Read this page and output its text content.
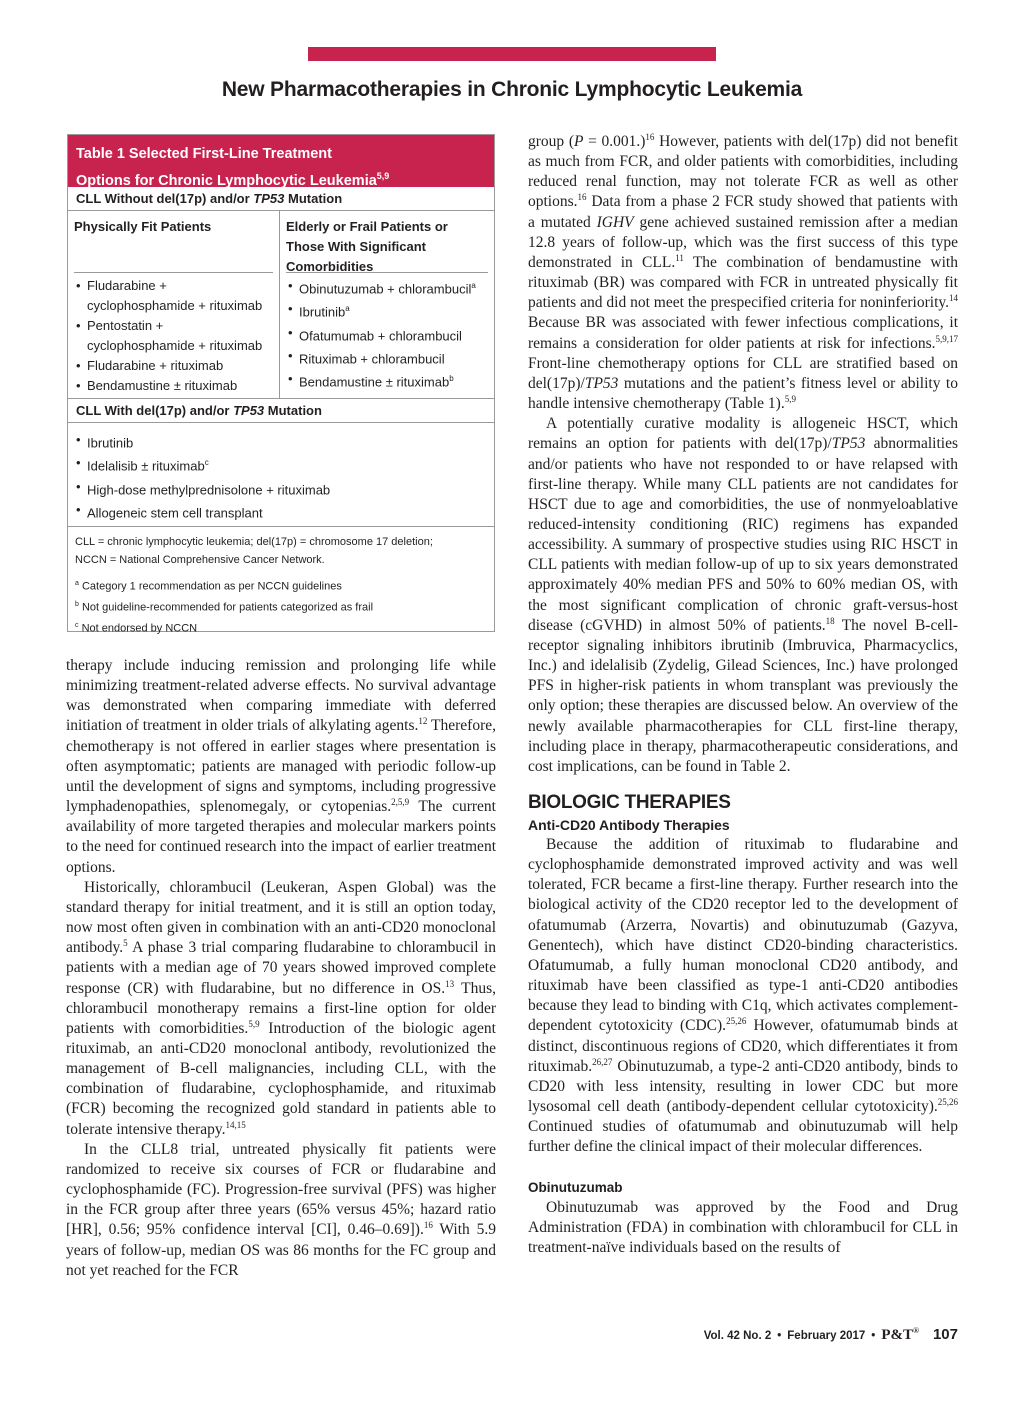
New Pharmacotherapies in Chronic Lymphocytic Leukemia
Table 1 Selected First-Line Treatment
Options for Chronic Lymphocytic Leukemia$^{5,9}$
CLL Without del(17p) and/or TP53 Mutation
Physically Fit Patients
• Fludarabine + cyclophosphamide + rituximab
• Pentostatin + cyclophosphamide + rituximab
• Fludarabine + rituximab
• Bendamustine ± rituximab
Elderly or Frail Patients or Those With Significant Comorbidities
• Obinutuzumab + chlorambucil$^a$
• Ibrutinib$^a$
• Ofatumumab + chlorambucil
• Rituximab + chlorambucil
• Bendamustine ± rituximab$^b$
CLL With del(17p) and/or TP53 Mutation
• Ibrutinib
• Idelalisib ± rituximab$^c$
• High-dose methylprednisolone + rituximab
• Allogeneic stem cell transplant

CLL = chronic lymphocytic leukemia; del(17p) = chromosome 17 deletion;

NCCN = National Comprehensive Cancer Network.

$^a$ Category 1 recommendation as per NCCN guidelines

$^b$ Not guideline-recommended for patients categorized as frail

$^c$ Not endorsed by NCCN

therapy include inducing remission and prolonging life while minimizing treatment-related adverse effects. No survival advantage was demonstrated when comparing immediate with deferred initiation of treatment in older trials of alkylating agents.$^{12}$ Therefore, chemotherapy is not offered in earlier stages where presentation is often asymptomatic; patients are managed with periodic follow-up until the development of signs and symptoms, including progressive lymphadenopathies, splenomegaly, or cytopenias.$^{2,5,9}$ The current availability of more targeted therapies and molecular markers points to the need for continued research into the impact of earlier treatment options.

Historically, chlorambucil (Leukeran, Aspen Global) was the standard therapy for initial treatment, and it is still an option today, now most often given in combination with an anti-CD20 monoclonal antibody.$^5$ A phase 3 trial comparing fludarabine to chlorambucil in patients with a median age of 70 years showed improved complete response (CR) with fludarabine, but no difference in OS.$^{13}$ Thus, chlorambucil monotherapy remains a first-line option for older patients with comorbidities.$^{5,9}$ Introduction of the biologic agent rituximab, an anti-CD20 monoclonal antibody, revolutionized the management of B-cell malignancies, including CLL, with the combination of fludarabine, cyclophosphamide, and rituximab (FCR) becoming the recognized gold standard in patients able to tolerate intensive therapy.$^{14,15}$

In the CLL8 trial, untreated physically fit patients were randomized to receive six courses of FCR or fludarabine and cyclophosphamide (FC). Progression-free survival (PFS) was higher in the FCR group after three years (65% versus 45%; hazard ratio [HR], 0.56; 95% confidence interval [CI], 0.46–0.69]).$^{16}$ With 5.9 years of follow-up, median OS was 86 months for the FC group and not yet reached for the FCR

group (P = 0.001.)$^{16}$ However, patients with del(17p) did not benefit as much from FCR, and older patients with comorbidities, including reduced renal function, may not tolerate FCR as well as other options.$^{16}$ Data from a phase 2 FCR study showed that patients with a mutated IGHV gene achieved sustained remission after a median 12.8 years of follow-up, which was the first success of this type demonstrated in CLL.$^{11}$ The combination of bendamustine with rituximab (BR) was compared with FCR in untreated physically fit patients and did not meet the prespecified criteria for noninferiority.$^{14}$ Because BR was associated with fewer infectious complications, it remains a consideration for older patients at risk for infections.$^{5,9,17}$ Front-line chemotherapy options for CLL are stratified based on del(17p)/TP53 mutations and the patient’s fitness level or ability to handle intensive chemotherapy (Table 1).$^{5,9}$

A potentially curative modality is allogeneic HSCT, which remains an option for patients with del(17p)/TP53 abnormalities and/or patients who have not responded to or have relapsed with first-line therapy. While many CLL patients are not candidates for HSCT due to age and comorbidities, the use of nonmyeloablative reduced-intensity conditioning (RIC) regimens has expanded accessibility. A summary of prospective studies using RIC HSCT in CLL patients with median follow-up of up to six years demonstrated approximately 40% median PFS and 50% to 60% median OS, with the most significant complication of chronic graft-versus-host disease (cGVHD) in almost 50% of patients.$^{18}$ The novel B-cell-receptor signaling inhibitors ibrutinib (Imbruvica, Pharmacyclics, Inc.) and idelalisib (Zydelig, Gilead Sciences, Inc.) have prolonged PFS in higher-risk patients in whom transplant was previously the only option; these therapies are discussed below. An overview of the newly available pharmacotherapies for CLL first-line therapy, including place in therapy, pharmacotherapeutic considerations, and cost implications, can be found in Table 2.

BIOLOGIC THERAPIES
Anti-CD20 Antibody Therapies

Because the addition of rituximab to fludarabine and cyclophosphamide demonstrated improved activity and was well tolerated, FCR became a first-line therapy. Further research into the biological activity of the CD20 receptor led to the development of ofatumumab (Arzerra, Novartis) and obinutuzumab (Gazyva, Genentech), which have distinct CD20-binding characteristics. Ofatumumab, a fully human monoclonal CD20 antibody, and rituximab have been classified as type-1 anti-CD20 antibodies because they lead to binding with C1q, which activates complement-dependent cytotoxicity (CDC).$^{25,26}$ However, ofatumumab binds at distinct, discontinuous regions of CD20, which differentiates it from rituximab.$^{26,27}$ Obinutuzumab, a type-2 anti-CD20 antibody, binds to CD20 with less intensity, resulting in lower CDC but more lysosomal cell death (antibody-dependent cellular cytotoxicity).$^{25,26}$ Continued studies of ofatumumab and obinutuzumab will help further define the clinical impact of their molecular differences.

Obinutuzumab

Obinutuzumab was approved by the Food and Drug Administration (FDA) in combination with chlorambucil for CLL in treatment-naïve individuals based on the results of

Vol. 42 No. 2 • February 2017 • P&T® 107
